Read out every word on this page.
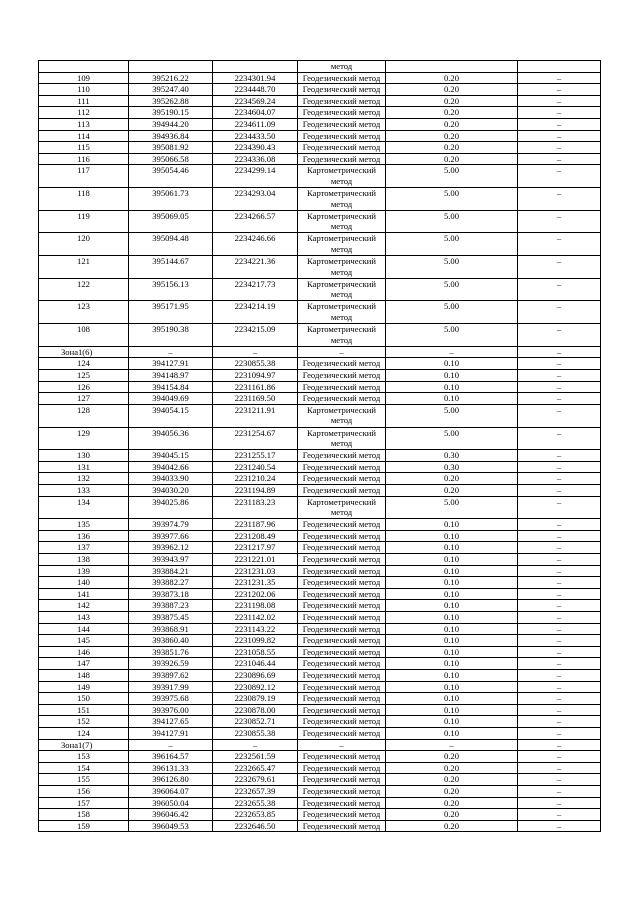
			метод		
109	395216.22	2234301.94	Геодезический метод	0.20	–
110	395247.40	2234448.70	Геодезический метод	0.20	–
111	395262.88	2234569.24	Геодезический метод	0.20	–
112	395190.15	2234604.07	Геодезический метод	0.20	–
113	394944.20	2234611.09	Геодезический метод	0.20	–
114	394936.84	2234433.50	Геодезический метод	0.20	–
115	395081.92	2234390.43	Геодезический метод	0.20	–
116	395066.58	2234336.08	Геодезический метод	0.20	–
117	395054.46	2234299.14	Картометрический метод	5.00	–
118	395061.73	2234293.04	Картометрический метод	5.00	–
119	395069.05	2234266.57	Картометрический метод	5.00	–
120	395094.48	2234246.66	Картометрический метод	5.00	–
121	395144.67	2234221.36	Картометрический метод	5.00	–
122	395156.13	2234217.73	Картометрический метод	5.00	–
123	395171.95	2234214.19	Картометрический метод	5.00	–
108	395190.38	2234215.09	Картометрический метод	5.00	–
Зона1(6)	–	–	–	–	–
124	394127.91	2230855.38	Геодезический метод	0.10	–
125	394148.97	2231094.97	Геодезический метод	0.10	–
126	394154.84	2231161.86	Геодезический метод	0.10	–
127	394049.69	2231169.50	Геодезический метод	0.10	–
128	394054.15	2231211.91	Картометрический метод	5.00	–
129	394056.36	2231254.67	Картометрический метод	5.00	–
130	394045.15	2231255.17	Геодезический метод	0.30	–
131	394042.66	2231240.54	Геодезический метод	0.30	–
132	394033.90	2231210.24	Геодезический метод	0.20	–
133	394030.20	2231194.89	Геодезический метод	0.20	–
134	394025.86	2231183.23	Картометрический метод	5.00	–
135	393974.79	2231187.96	Геодезический метод	0.10	–
136	393977.66	2231208.49	Геодезический метод	0.10	–
137	393962.12	2231217.97	Геодезический метод	0.10	–
138	393943.97	2231221.01	Геодезический метод	0.10	–
139	393884.21	2231231.03	Геодезический метод	0.10	–
140	393882.27	2231231.35	Геодезический метод	0.10	–
141	393873.18	2231202.06	Геодезический метод	0.10	–
142	393887.23	2231198.08	Геодезический метод	0.10	–
143	393875.45	2231142.02	Геодезический метод	0.10	–
144	393868.91	2231143.22	Геодезический метод	0.10	–
145	393860.40	2231099.82	Геодезический метод	0.10	–
146	393851.76	2231058.55	Геодезический метод	0.10	–
147	393926.59	2231046.44	Геодезический метод	0.10	–
148	393897.62	2230896.69	Геодезический метод	0.10	–
149	393917.99	2230892.12	Геодезический метод	0.10	–
150	393975.68	2230879.19	Геодезический метод	0.10	–
151	393976.00	2230878.00	Геодезический метод	0.10	–
152	394127.65	2230852.71	Геодезический метод	0.10	–
124	394127.91	2230855.38	Геодезический метод	0.10	–
Зона1(7)	–	–	–	–	–
153	396164.57	2232561.59	Геодезический метод	0.20	–
154	396131.33	2232665.47	Геодезический метод	0.20	–
155	396126.80	2232679.61	Геодезический метод	0.20	–
156	396064.07	2232657.39	Геодезический метод	0.20	–
157	396050.04	2232655.38	Геодезический метод	0.20	–
158	396046.42	2232653.85	Геодезический метод	0.20	–
159	396049.53	2232646.50	Геодезический метод	0.20	–
